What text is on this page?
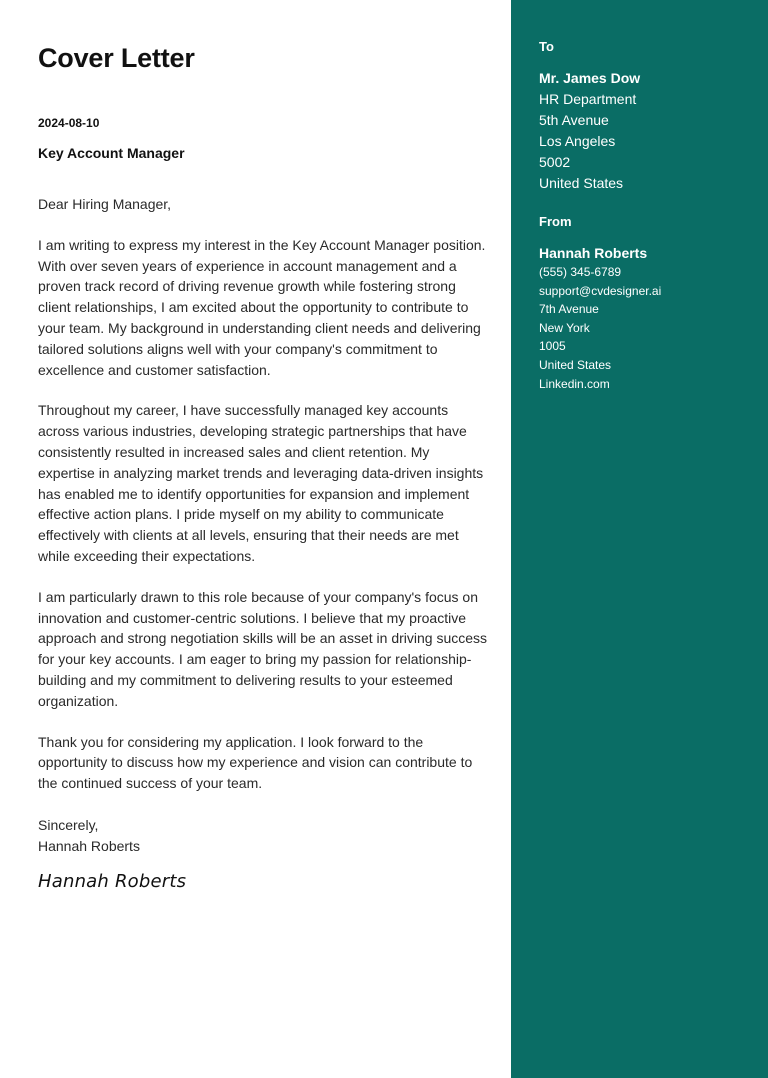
Cover Letter
2024-08-10
Key Account Manager
Dear Hiring Manager,
I am writing to express my interest in the Key Account Manager position. With over seven years of experience in account management and a proven track record of driving revenue growth while fostering strong client relationships, I am excited about the opportunity to contribute to your team. My background in understanding client needs and delivering tailored solutions aligns well with your company's commitment to excellence and customer satisfaction.
Throughout my career, I have successfully managed key accounts across various industries, developing strategic partnerships that have consistently resulted in increased sales and client retention. My expertise in analyzing market trends and leveraging data-driven insights has enabled me to identify opportunities for expansion and implement effective action plans. I pride myself on my ability to communicate effectively with clients at all levels, ensuring that their needs are met while exceeding their expectations.
I am particularly drawn to this role because of your company's focus on innovation and customer-centric solutions. I believe that my proactive approach and strong negotiation skills will be an asset in driving success for your key accounts. I am eager to bring my passion for relationship-building and my commitment to delivering results to your esteemed organization.
Thank you for considering my application. I look forward to the opportunity to discuss how my experience and vision can contribute to the continued success of your team.
Sincerely,
Hannah Roberts
Hannah Roberts
To
Mr. James Dow
HR Department
5th Avenue
Los Angeles
5002
United States
From
Hannah Roberts
(555) 345-6789
support@cvdesigner.ai
7th Avenue
New York
1005
United States
Linkedin.com
